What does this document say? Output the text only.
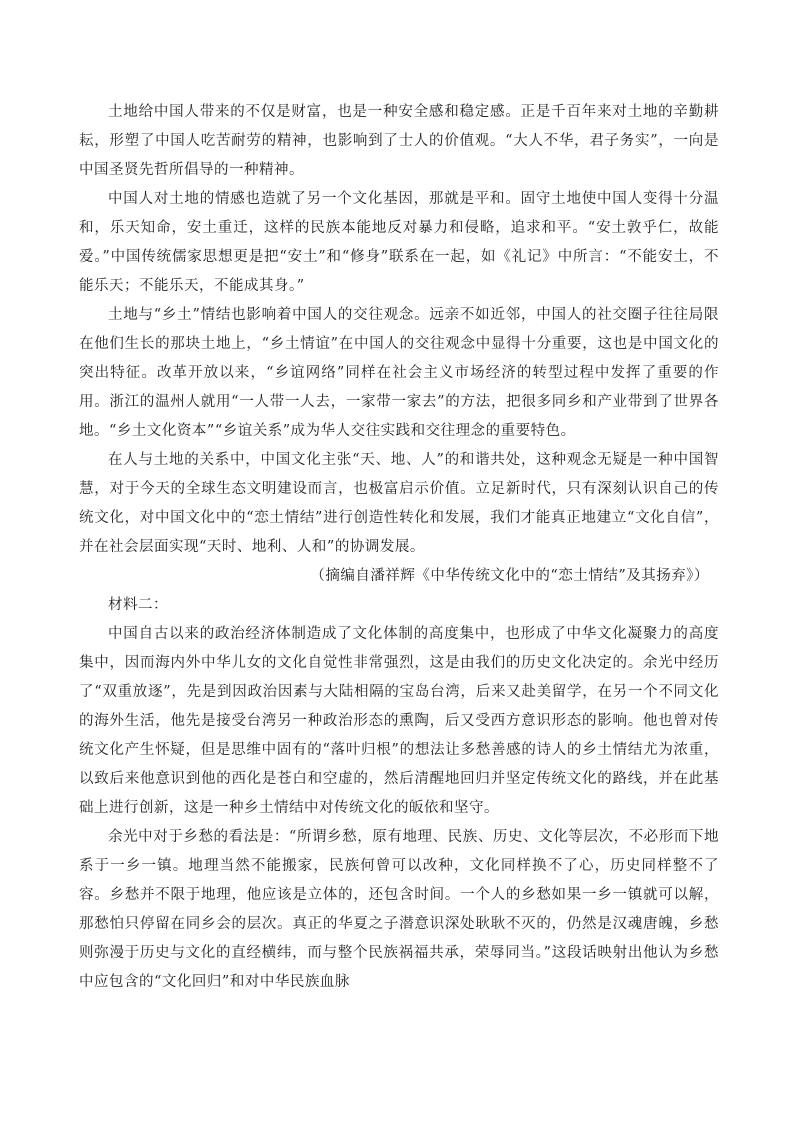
土地给中国人带来的不仅是财富，也是一种安全感和稳定感。正是千百年来对土地的辛勤耕耘，形塑了中国人吃苦耐劳的精神，也影响到了士人的价值观。“大人不华，君子务实”，一向是中国圣贤先哲所倡导的一种精神。

中国人对土地的情感也造就了另一个文化基因，那就是平和。固守土地使中国人变得十分温和，乐天知命，安土重迁，这样的民族本能地反对暴力和侵略，追求和平。“安土敦乎仁，故能爱。”中国传统儒家思想更是把“安土”和“修身”联系在一起，如《礼记》中所言：“不能安土，不能乐天；不能乐天，不能成其身。”

土地与“乡土”情结也影响着中国人的交往观念。远亲不如近邻，中国人的社交圈子往往局限在他们生长的那块土地上，“乡土情谊”在中国人的交往观念中显得十分重要，这也是中国文化的突出特征。改革开放以来，“乡谊网络”同样在社会主义市场经济的转型过程中发挥了重要的作用。浙江的温州人就用“一人带一人去，一家带一家去”的方法，把很多同乡和产业带到了世界各地。“乡土文化资本”“乡谊关系”成为华人交往实践和交往理念的重要特色。

在人与土地的关系中，中国文化主张“天、地、人”的和谐共处，这种观念无疑是一种中国智慧，对于今天的全球生态文明建设而言，也极富启示价值。立足新时代，只有深刻认识自己的传统文化，对中国文化中的“恋土情结”进行创造性转化和发展，我们才能真正地建立“文化自信”，并在社会层面实现“天时、地利、人和”的协调发展。

（摘编自潘祥辉《中华传统文化中的“恋土情结”及其扬弃》）

材料二：

中国自古以来的政治经济体制造成了文化体制的高度集中，也形成了中华文化凝聚力的高度集中，因而海内外中华儿女的文化自觉性非常强烈，这是由我们的历史文化决定的。余光中经历了“双重放逐”，先是到因政治因素与大陆相隔的宝岛台湾，后来又赴美留学，在另一个不同文化的海外生活，他先是接受台湾另一种政治形态的熏陶，后又受西方意识形态的影响。他也曾对传统文化产生怀疑，但是思维中固有的“落叶归根”的想法让多愁善感的诗人的乡土情结尤为浓重，以致后来他意识到他的西化是苍白和空虚的，然后清醒地回归并坚定传统文化的路线，并在此基础上进行创新，这是一种乡土情结中对传统文化的皈依和坚守。

余光中对于乡愁的看法是：“所谓乡愁，原有地理、民族、历史、文化等层次，不必形而下地系于一乡一镇。地理当然不能搬家，民族何曾可以改种，文化同样换不了心，历史同样整不了容。乡愁并不限于地理，他应该是立体的，还包含时间。一个人的乡愁如果一乡一镇就可以解，那愁怕只停留在同乡会的层次。真正的华夏之子潜意识深处耿耿不灭的，仍然是汉魂唐魄，乡愁则弥漫于历史与文化的直经横纬，而与整个民族祸福共承，荣辱同当。”这段话映射出他认为乡愁中应包含的“文化回归”和对中华民族血脉
